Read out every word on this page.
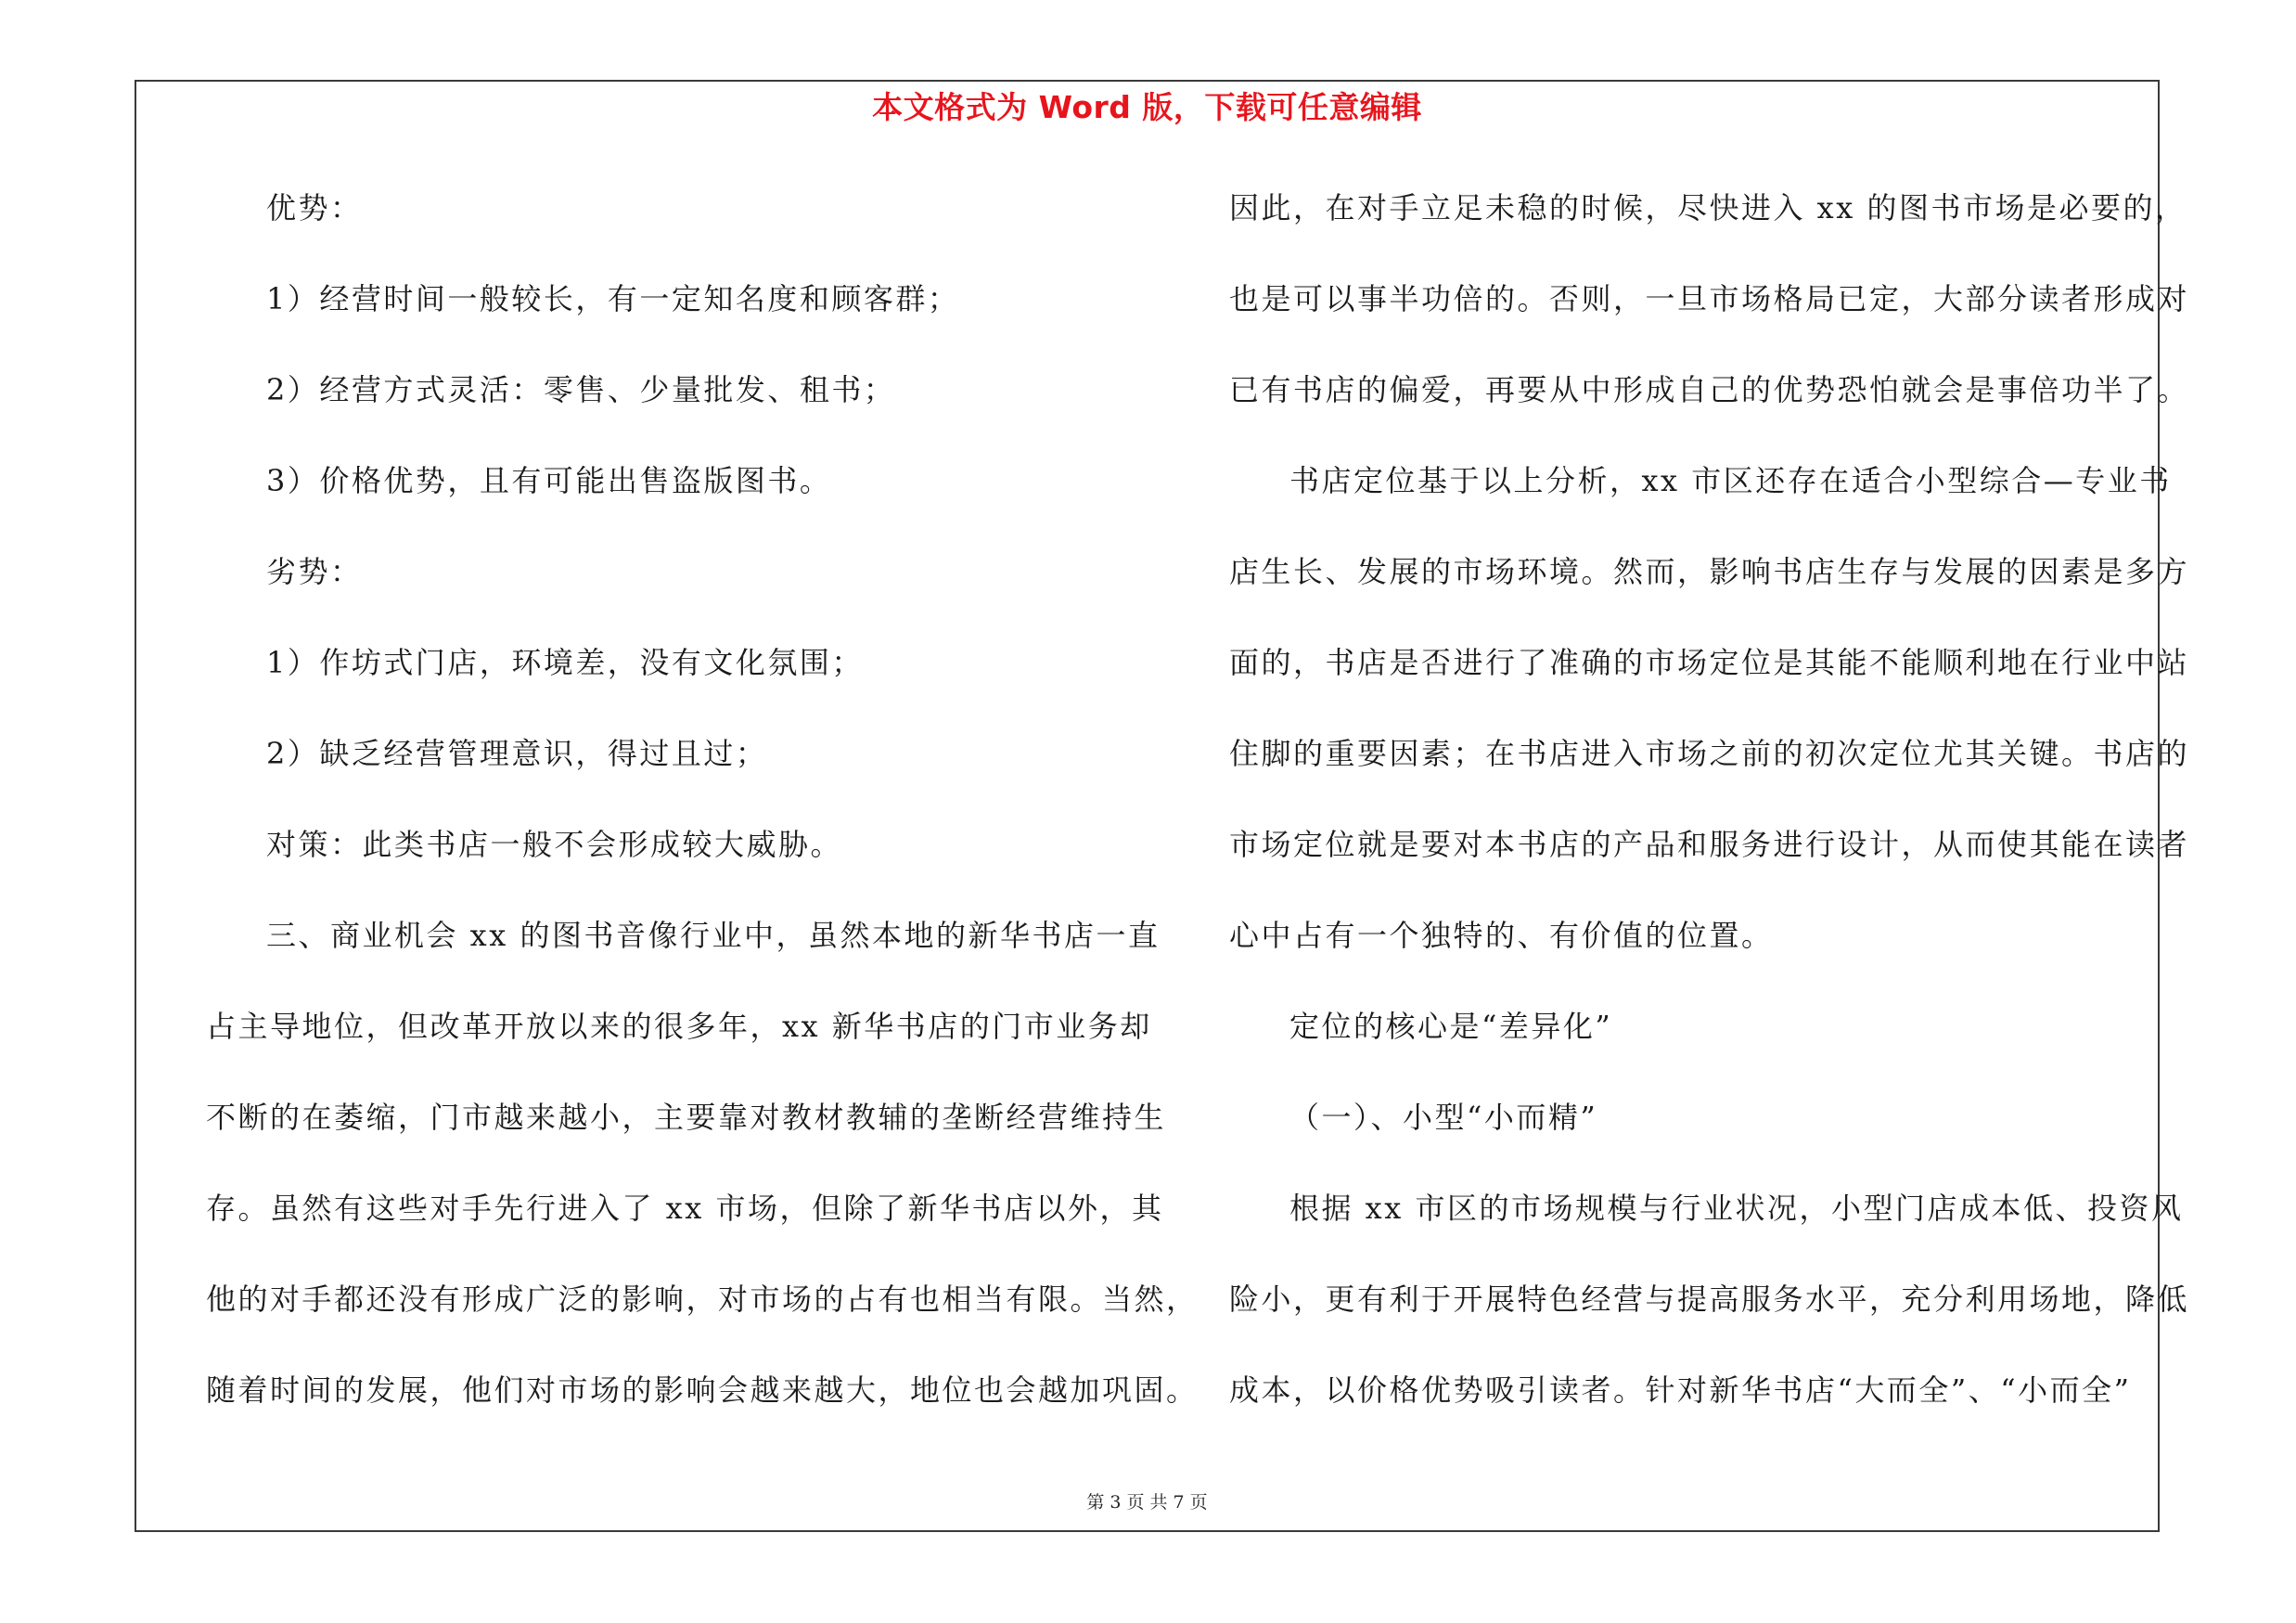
本文格式为 Word 版，下载可任意编辑
优势：
1）经营时间一般较长，有一定知名度和顾客群；
2）经营方式灵活：零售、少量批发、租书；
3）价格优势，且有可能出售盗版图书。
劣势：
1）作坊式门店，环境差，没有文化氛围；
2）缺乏经营管理意识，得过且过；
对策：此类书店一般不会形成较大威胁。
三、商业机会 xx 的图书音像行业中，虽然本地的新华书店一直
占主导地位，但改革开放以来的很多年，xx 新华书店的门市业务却
不断的在萎缩，门市越来越小，主要靠对教材教辅的垄断经营维持生
存。虽然有这些对手先行进入了 xx 市场，但除了新华书店以外，其
他的对手都还没有形成广泛的影响，对市场的占有也相当有限。当然，
随着时间的发展，他们对市场的影响会越来越大，地位也会越加巩固。
因此，在对手立足未稳的时候，尽快进入 xx 的图书市场是必要的，
也是可以事半功倍的。否则，一旦市场格局已定，大部分读者形成对
已有书店的偏爱，再要从中形成自己的优势恐怕就会是事倍功半了。
书店定位基于以上分析，xx 市区还存在适合小型综合—专业书
店生长、发展的市场环境。然而，影响书店生存与发展的因素是多方
面的，书店是否进行了准确的市场定位是其能不能顺利地在行业中站
住脚的重要因素；在书店进入市场之前的初次定位尤其关键。书店的
市场定位就是要对本书店的产品和服务进行设计，从而使其能在读者
心中占有一个独特的、有价值的位置。
定位的核心是“差异化”
（一）、小型“小而精”
根据 xx 市区的市场规模与行业状况，小型门店成本低、投资风
险小，更有利于开展特色经营与提高服务水平，充分利用场地，降低
成本，以价格优势吸引读者。针对新华书店“大而全”、“小而全”
第 3 页 共 7 页
